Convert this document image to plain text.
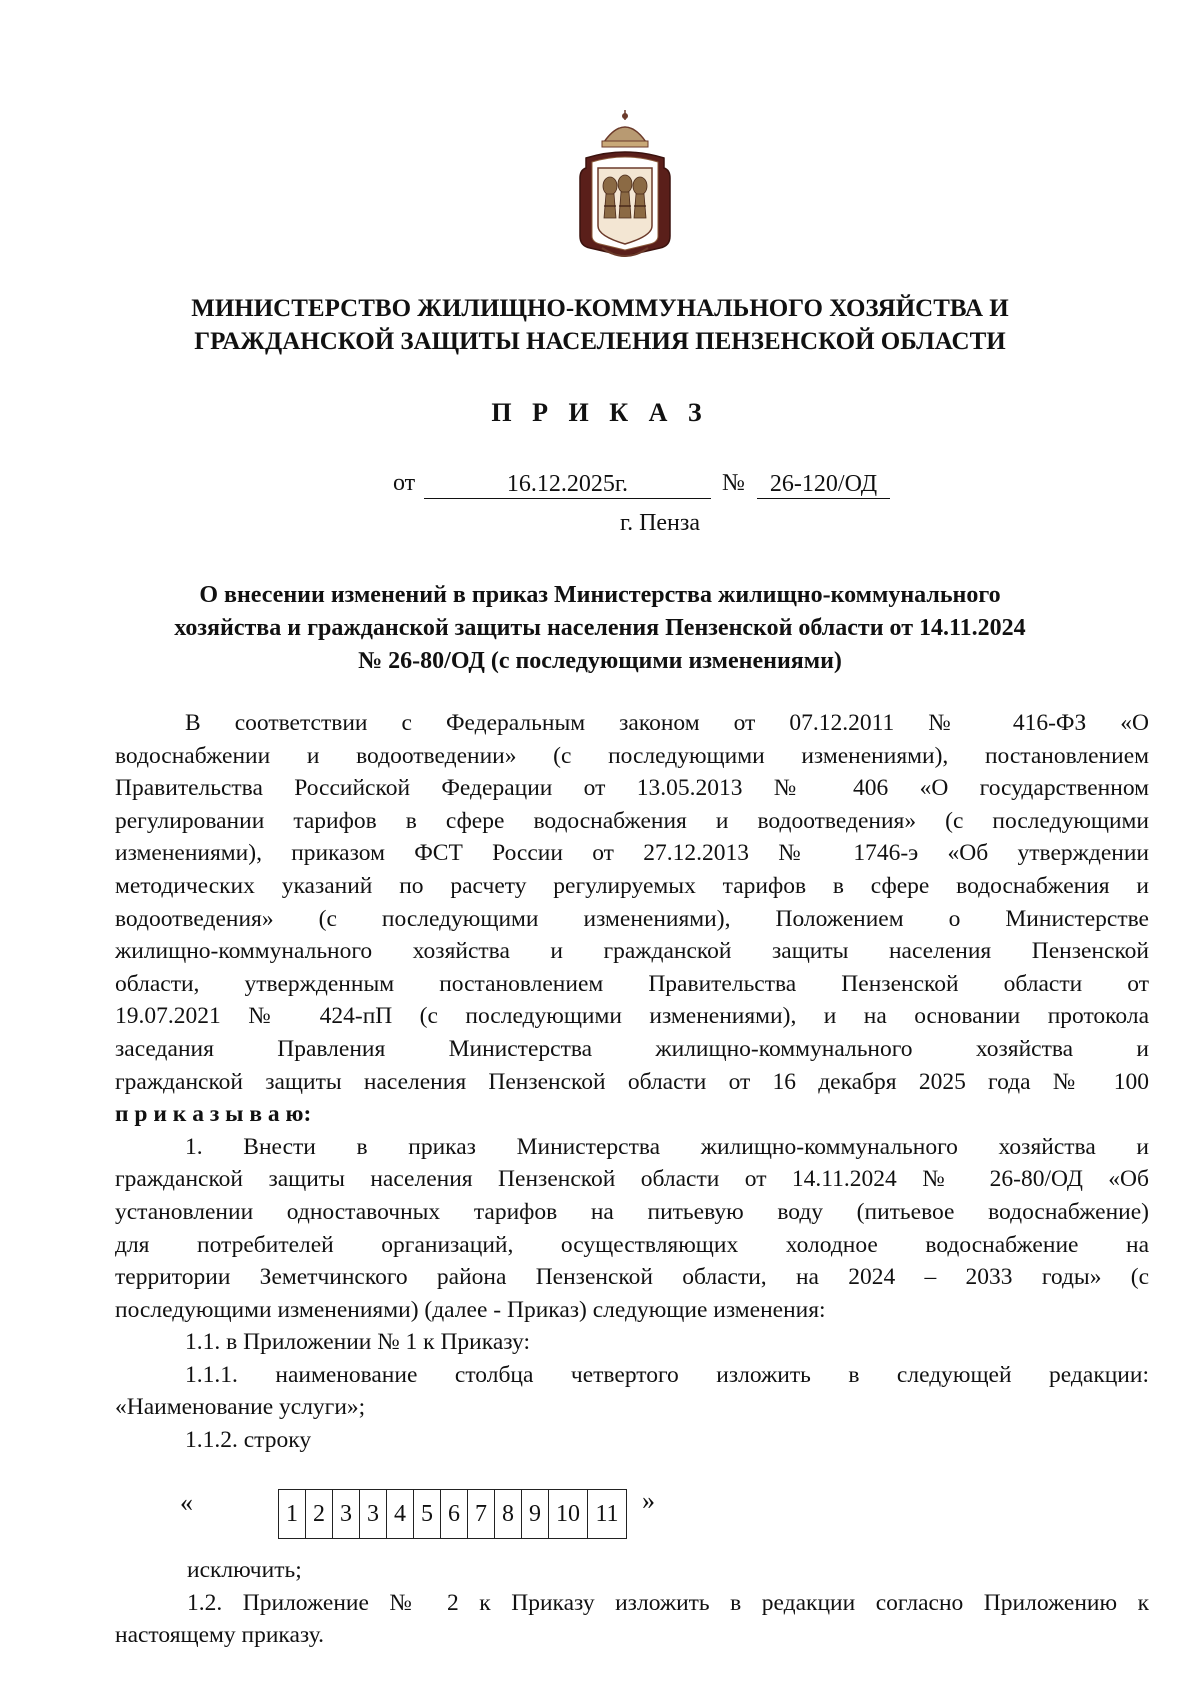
МИНИСТЕРСТВО ЖИЛИЩНО-КОММУНАЛЬНОГО ХОЗЯЙСТВА И
ГРАЖДАНСКОЙ ЗАЩИТЫ НАСЕЛЕНИЯ ПЕНЗЕНСКОЙ ОБЛАСТИ
П Р И К А З
от	16.12.2025г.	№	26-120/ОД
г. Пенза
О внесении изменений в приказ Министерства жилищно-коммунального
хозяйства и гражданской защиты населения Пензенской области от 14.11.2024
№ 26-80/ОД (с последующими изменениями)
В соответствии с Федеральным законом от 07.12.2011 № 416-ФЗ «О
водоснабжении и водоотведении» (с последующими изменениями), постановлением
Правительства Российской Федерации от 13.05.2013 № 406 «О государственном
регулировании тарифов в сфере водоснабжения и водоотведения» (с последующими
изменениями), приказом ФСТ России от 27.12.2013 № 1746-э «Об утверждении
методических указаний по расчету регулируемых тарифов в сфере водоснабжения и
водоотведения» (с последующими изменениями), Положением о Министерстве
жилищно-коммунального хозяйства и гражданской защиты населения Пензенской
области, утвержденным постановлением Правительства Пензенской области от
19.07.2021 № 424-пП (с последующими изменениями), и на основании протокола
заседания Правления Министерства жилищно-коммунального хозяйства и
гражданской защиты населения Пензенской области от 16 декабря 2025 года № 100
п р и к а з ы в а ю:
1. Внести в приказ Министерства жилищно-коммунального хозяйства и
гражданской защиты населения Пензенской области от 14.11.2024 № 26-80/ОД «Об
установлении одноставочных тарифов на питьевую воду (питьевое водоснабжение)
для потребителей организаций, осуществляющих холодное водоснабжение на
территории Земетчинского района Пензенской области, на 2024 – 2033 годы» (с
последующими изменениями) (далее - Приказ) следующие изменения:
1.1. в Приложении № 1 к Приказу:
1.1.1. наименование столбца четвертого изложить в следующей редакции:
«Наименование услуги»;
1.1.2. строку
«	1	2	3	3	4	5	6	7	8	9	10	11 »
исключить;
1.2. Приложение № 2 к Приказу изложить в редакции согласно Приложению к
настоящему приказу.
